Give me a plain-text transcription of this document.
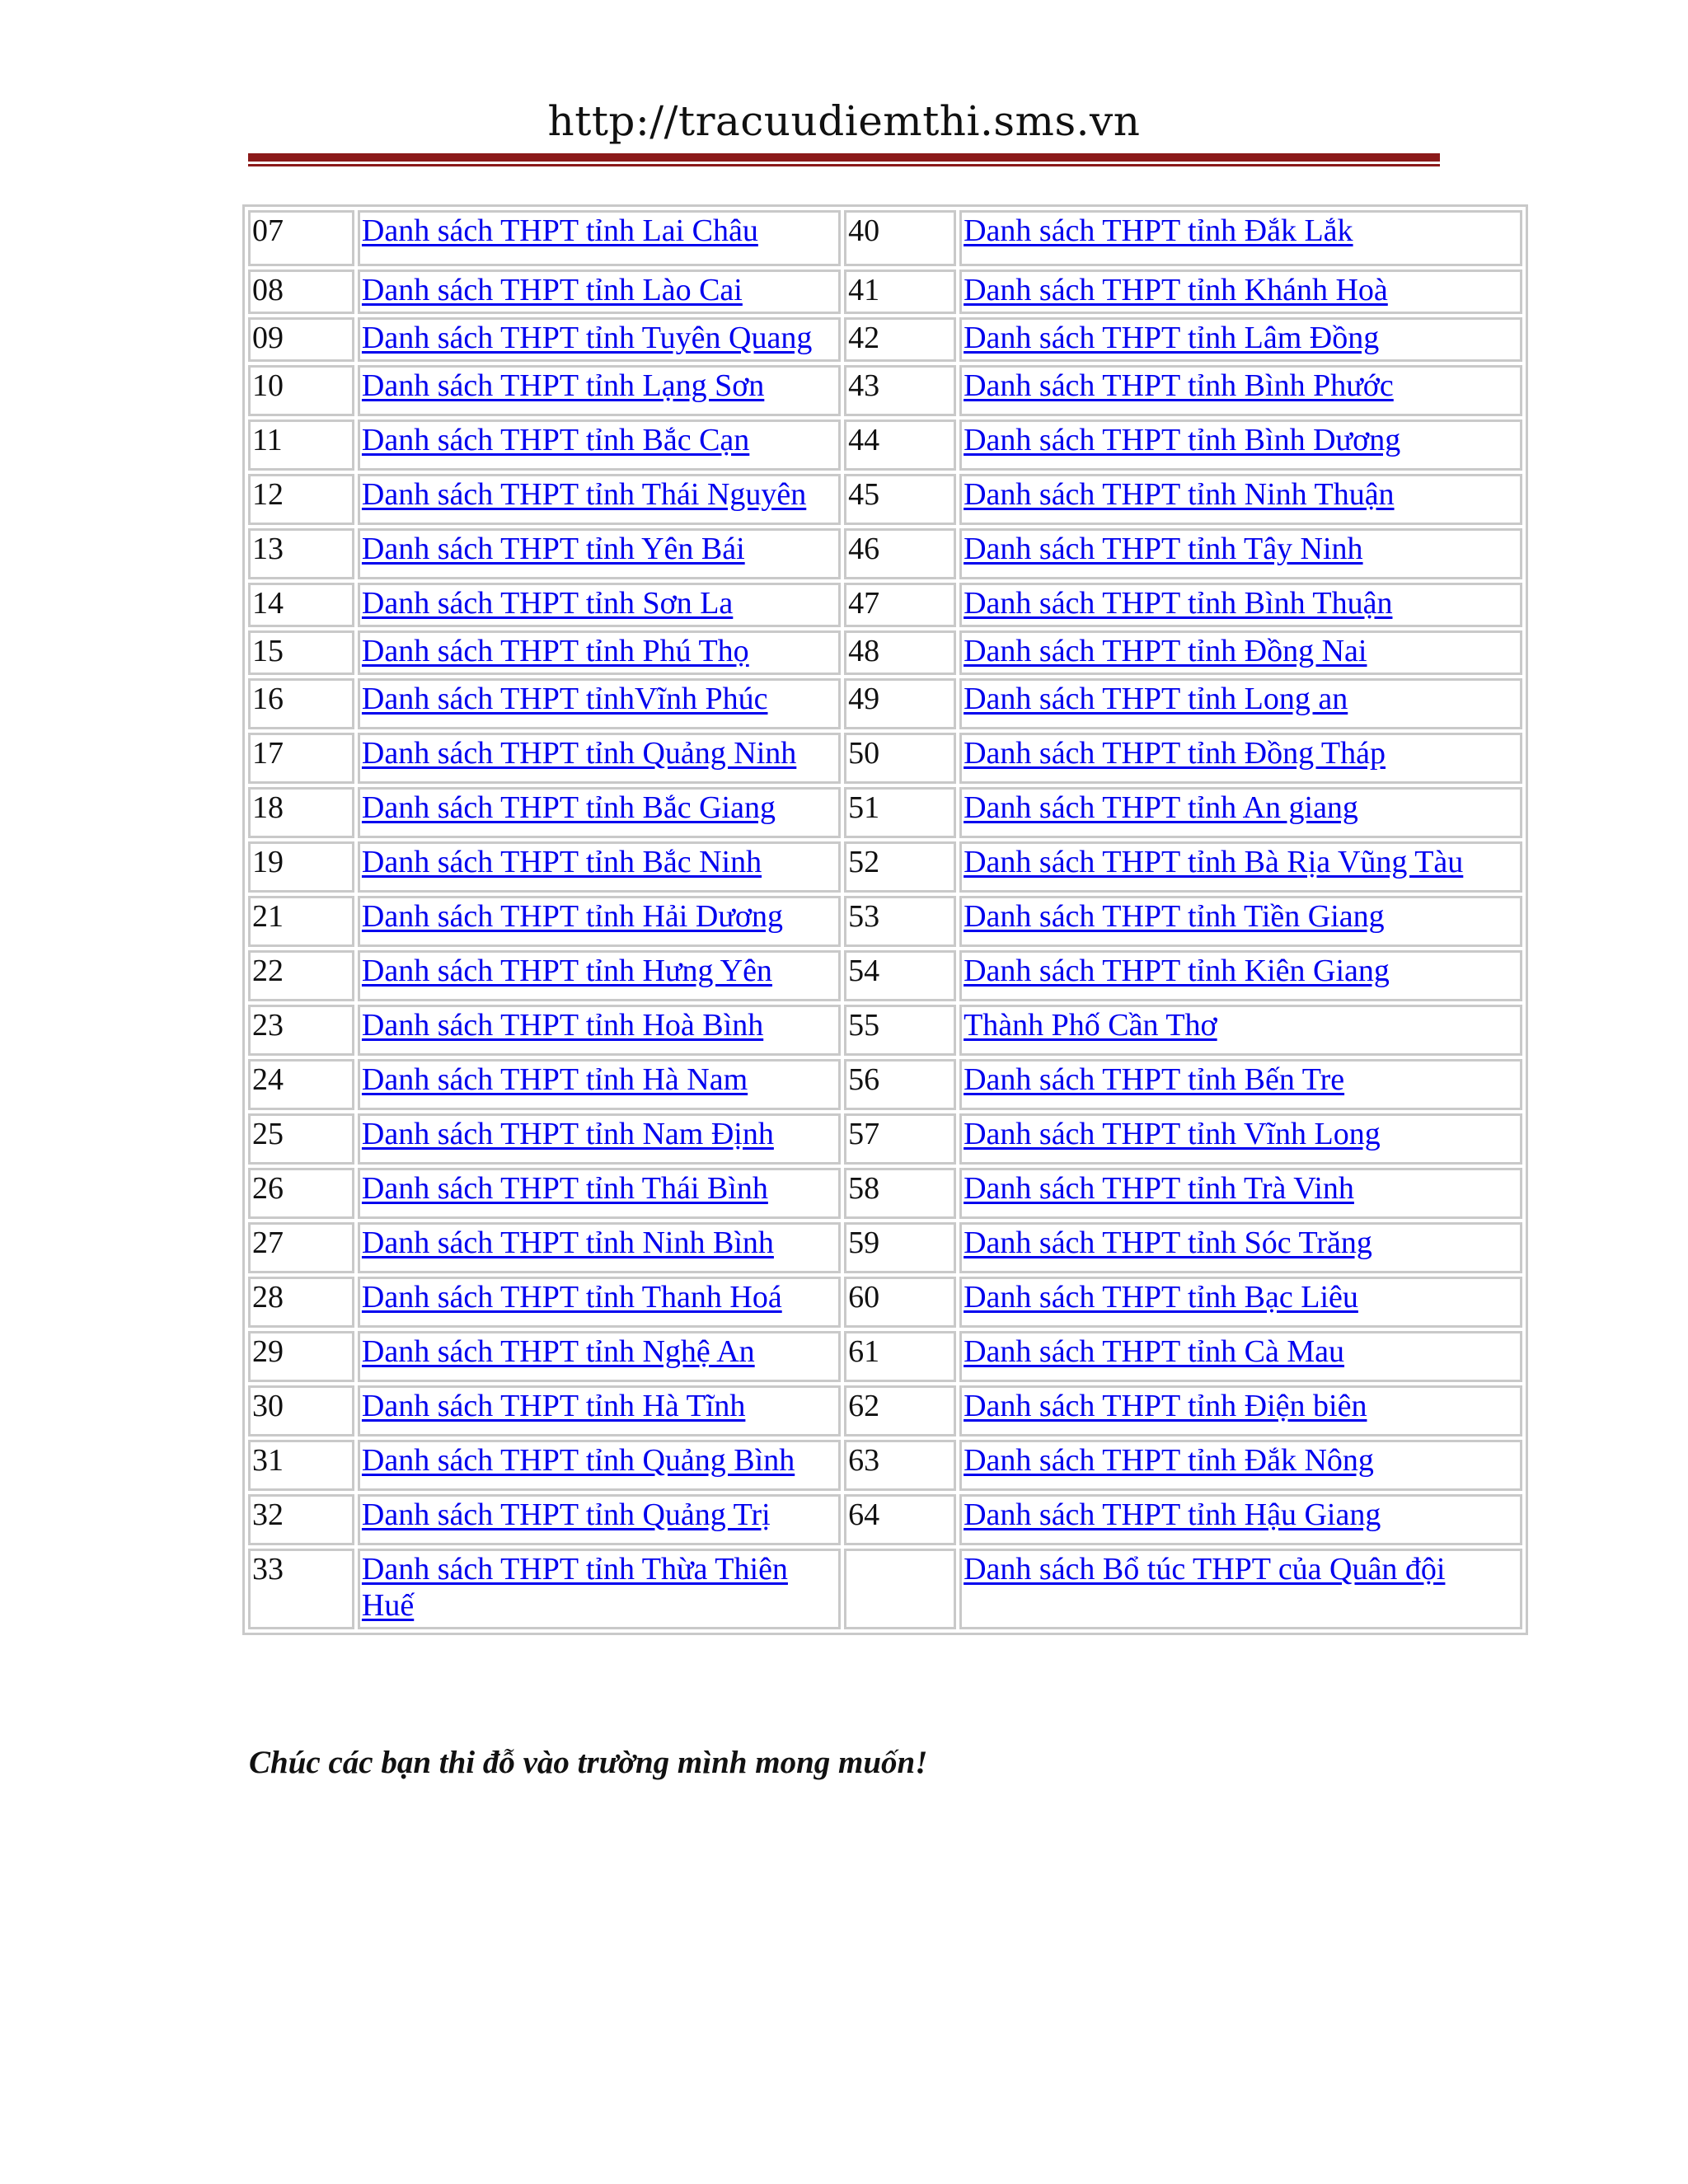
http://tracuudiemthi.sms.vn
07	Danh sách THPT tỉnh Lai Châu	40	Danh sách THPT tỉnh Đắk Lắk
08	Danh sách THPT tỉnh Lào Cai	41	Danh sách THPT tỉnh Khánh Hoà
09	Danh sách THPT tỉnh Tuyên Quang	42	Danh sách THPT tỉnh Lâm Đồng
10	Danh sách THPT tỉnh Lạng Sơn	43	Danh sách THPT tỉnh Bình Phước
11	Danh sách THPT tỉnh Bắc Cạn	44	Danh sách THPT tỉnh Bình Dương
12	Danh sách THPT tỉnh Thái Nguyên	45	Danh sách THPT tỉnh Ninh Thuận
13	Danh sách THPT tỉnh Yên Bái	46	Danh sách THPT tỉnh Tây Ninh
14	Danh sách THPT tỉnh Sơn La	47	Danh sách THPT tỉnh Bình Thuận
15	Danh sách THPT tỉnh Phú Thọ	48	Danh sách THPT tỉnh Đồng Nai
16	Danh sách THPT tỉnhVĩnh Phúc	49	Danh sách THPT tỉnh Long an
17	Danh sách THPT tỉnh Quảng Ninh	50	Danh sách THPT tỉnh Đồng Tháp
18	Danh sách THPT tỉnh Bắc Giang	51	Danh sách THPT tỉnh An giang
19	Danh sách THPT tỉnh Bắc Ninh	52	Danh sách THPT tỉnh Bà Rịa Vũng Tàu
21	Danh sách THPT tỉnh Hải Dương	53	Danh sách THPT tỉnh Tiền Giang
22	Danh sách THPT tỉnh Hưng Yên	54	Danh sách THPT tỉnh Kiên Giang
23	Danh sách THPT tỉnh Hoà Bình	55	Thành Phố Cần Thơ
24	Danh sách THPT tỉnh Hà Nam	56	Danh sách THPT tỉnh Bến Tre
25	Danh sách THPT tỉnh Nam Định	57	Danh sách THPT tỉnh Vĩnh Long
26	Danh sách THPT tỉnh Thái Bình	58	Danh sách THPT tỉnh Trà Vinh
27	Danh sách THPT tỉnh Ninh Bình	59	Danh sách THPT tỉnh Sóc Trăng
28	Danh sách THPT tỉnh Thanh Hoá	60	Danh sách THPT tỉnh Bạc Liêu
29	Danh sách THPT tỉnh Nghệ An	61	Danh sách THPT tỉnh Cà Mau
30	Danh sách THPT tỉnh Hà Tĩnh	62	Danh sách THPT tỉnh Điện biên
31	Danh sách THPT tỉnh Quảng Bình	63	Danh sách THPT tỉnh Đắk Nông
32	Danh sách THPT tỉnh Quảng Trị	64	Danh sách THPT tỉnh Hậu Giang
33	Danh sách THPT tỉnh Thừa Thiên Huế		Danh sách Bổ túc THPT của Quân đội
Chúc các bạn thi đỗ vào trường mình mong muốn!
